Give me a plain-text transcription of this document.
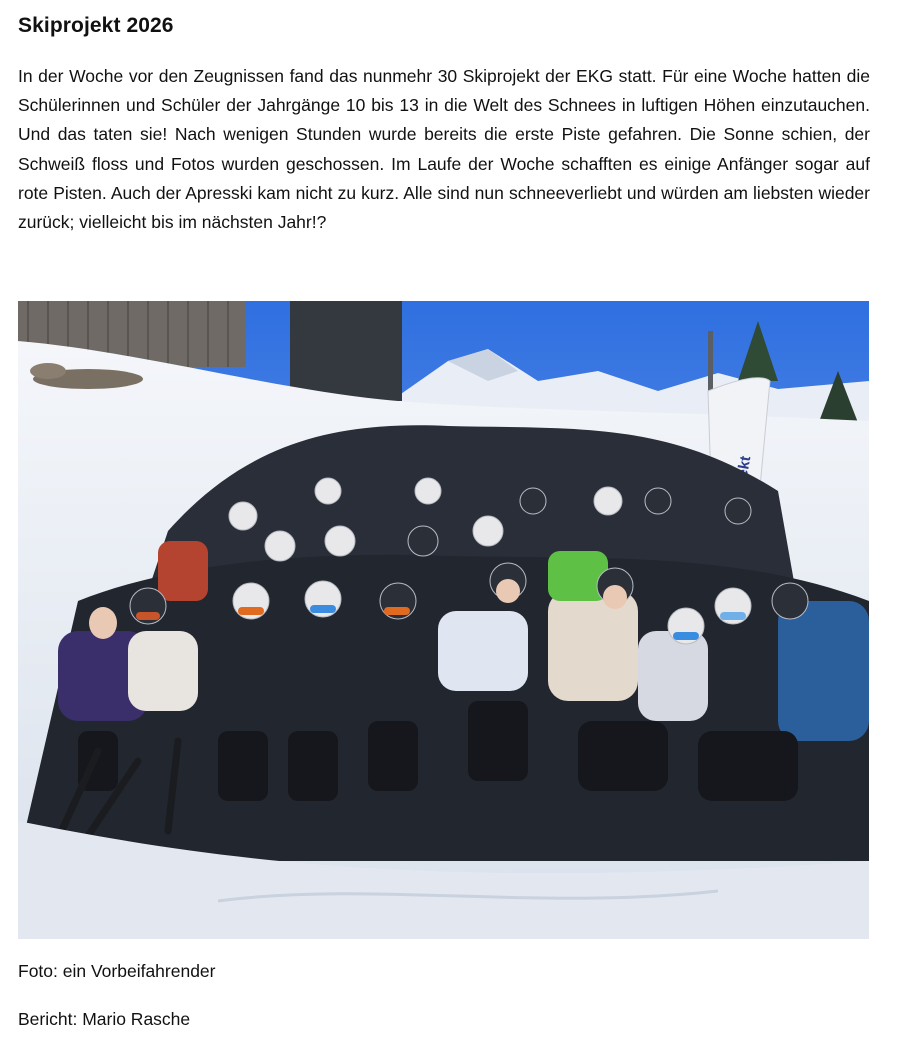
Skiprojekt 2026

In der Woche vor den Zeugnissen fand das nunmehr 30 Skiprojekt der EKG statt. Für eine Woche hatten die Schülerinnen und Schüler der Jahrgänge 10 bis 13 in die Welt des Schnees in luftigen Höhen einzutauchen. Und das taten sie! Nach wenigen Stunden wurde bereits die erste Piste gefahren. Die Sonne schien, der Schweiß floss und Fotos wurden geschossen. Im Laufe der Woche schafften es einige Anfänger sogar auf rote Pisten. Auch der Apresski kam nicht zu kurz. Alle sind nun schneeverliebt und würden am liebsten wieder zurück; vielleicht bis im nächsten Jahr!?

Foto: ein Vorbeifahrender
Bericht: Mario Rasche
